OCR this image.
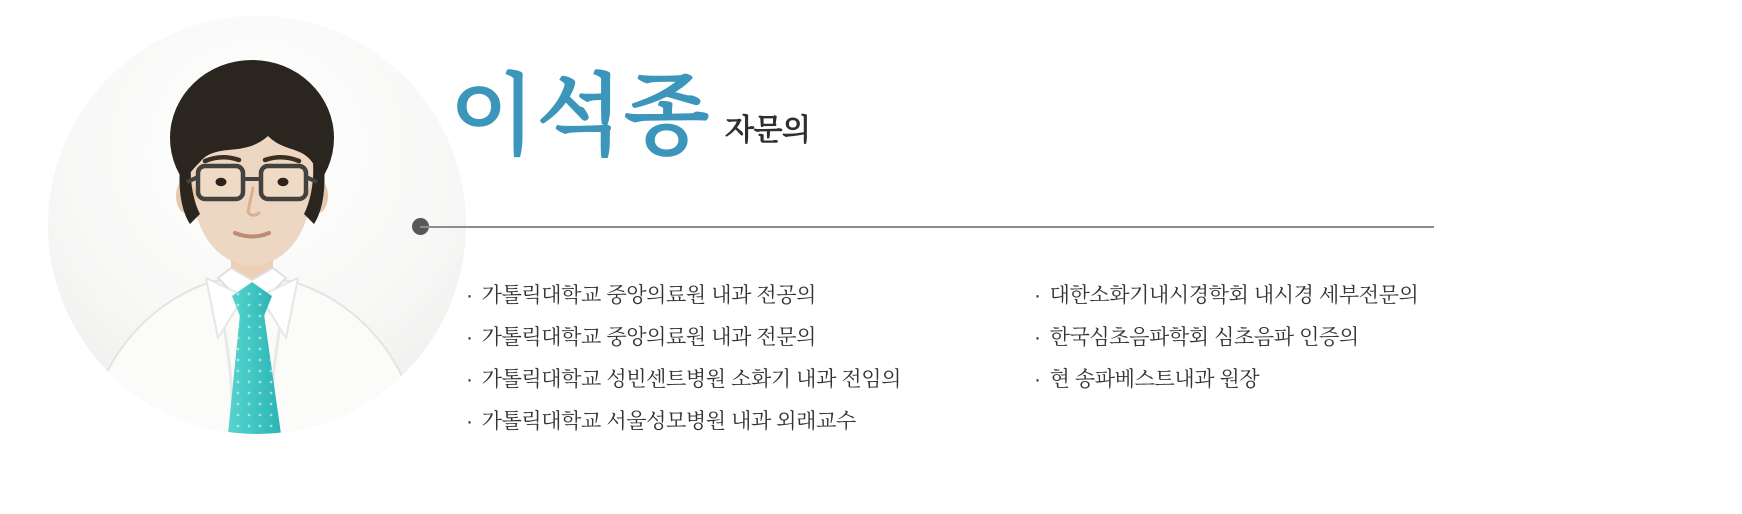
이석종 자문의
· 가톨릭대학교 중앙의료원 내과 전공의
· 가톨릭대학교 중앙의료원 내과 전문의
· 가톨릭대학교 성빈센트병원 소화기 내과 전임의
· 가톨릭대학교 서울성모병원 내과 외래교수
· 대한소화기내시경학회 내시경 세부전문의
· 한국심초음파학회 심초음파 인증의
· 현 송파베스트내과 원장
